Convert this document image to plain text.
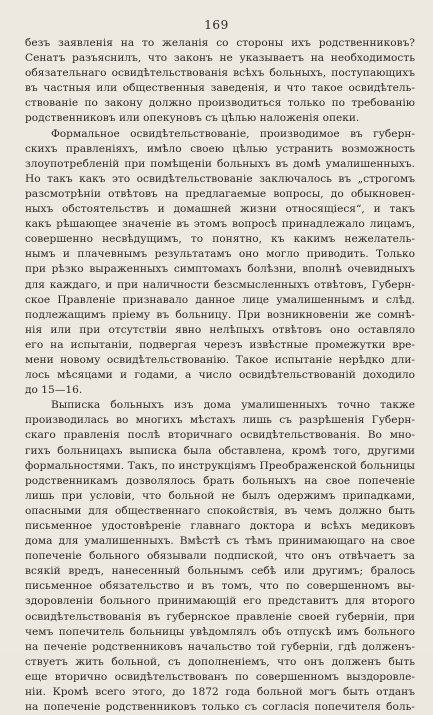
169
безъ заявленія на то желанія со стороны ихъ родственниковъ?
Сенатъ разъяснилъ, что законъ не указываетъ на необходимость
обязательнаго освидѣтельствованія всѣхъ больныхъ, поступающихъ
въ частныя или общественныя заведенія, и что такое освидѣтель-
ствованіе по закону должно производиться только по требованію
родственниковъ или опекуновъ съ цѣлью наложенія опеки.
Формальное освидѣтельствованіе, производимое въ губерн-
скихъ правленіяхъ, имѣло своею цѣлью устранить возможность
злоупотребленій при помѣщеніи больныхъ въ домѣ умалишенныхъ.
Но такъ какъ это освидѣтельствованіе заключалось въ „строгомъ
разсмотрѣніи отвѣтовъ на предлагаемые вопросы, до обыкновен-
ныхъ обстоятельствъ и домашней жизни относящіеся“, и такъ
какъ рѣшающее значеніе въ этомъ вопросѣ принадлежало лицамъ,
совершенно несвѣдущимъ, то понятно, къ какимъ нежелатель-
нымъ и плачевнымъ результатамъ оно могло приводить. Только
при рѣзко выраженныхъ симптомахъ болѣзни, вполнѣ очевидныхъ
для каждаго, и при наличности безсмысленныхъ отвѣтовъ, Губерн-
ское Правленіе признавало данное лице умалишеннымъ и слѣд.
подлежащимъ пріему въ больницу. При возникновеніи же сомнѣ-
нія или при отсутствіи явно нелѣпыхъ отвѣтовъ оно оставляло
его на испытаніи, подвергая черезъ извѣстные промежутки вре-
мени новому освидѣтельствованію. Такое испытаніе нерѣдко дли-
лось мѣсяцами и годами, а число освидѣтельствованій доходило
до 15—16.
Выписка больныхъ изъ дома умалишенныхъ точно также
производилась во многихъ мѣстахъ лишь съ разрѣшенія Губерн-
скаго правленія послѣ вторичнаго освидѣтельствованія. Во мно-
гихъ больницахъ выписка была обставлена, кромѣ того, другими
формальностями. Такъ, по инструкціямъ Преображенской больницы
родственникамъ дозволялось брать больныхъ на свое попеченіе
лишь при условіи, что больной не былъ одержимъ припадками,
опасными для общественнаго спокойствія, въ чемъ должно быть
письменное удостовѣреніе главнаго доктора и всѣхъ медиковъ
дома для умалишенныхъ. Вмѣстѣ съ тѣмъ принимающаго на свое
попеченіе больного обязывали подпиской, что онъ отвѣчаетъ за
всякій вредъ, нанесенный больнымъ себѣ или другимъ; бралось
письменное обязательство и въ томъ, что по совершенномъ вы-
здоровленіи больного принимающій его представитъ для второго
освидѣтельствованія въ губернское правленіе своей губерніи, при
чемъ попечитель больницы увѣдомлялъ объ отпускѣ имъ больного
на печеніе родственниковъ начальство той губерніи, гдѣ долженъ-
ствуетъ жить больной, съ дополненіемъ, что онъ долженъ быть
еще вторично освидѣтельствованъ по совершенномъ выздоровле-
ніи. Кромѣ всего этого, до 1872 года больной могъ быть отданъ
на попеченіе родственниковъ только съ согласія попечителя боль-
